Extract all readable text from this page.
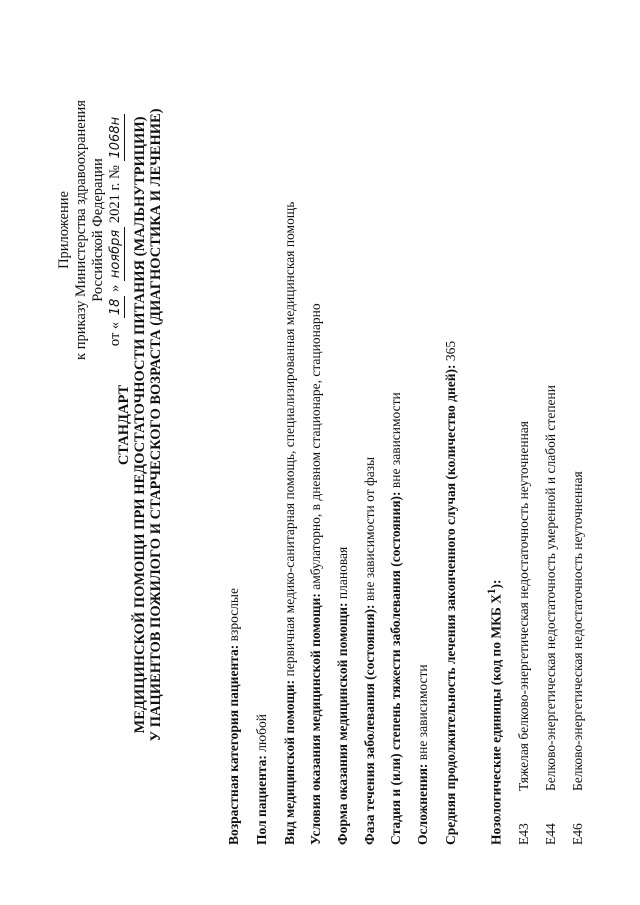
Приложение к приказу Министерства здравоохранения Российской Федерации
от « 18 » ноября 2021 г. № 1068н
СТАНДАРТ МЕДИЦИНСКОЙ ПОМОЩИ ПРИ НЕДОСТАТОЧНОСТИ ПИТАНИЯ (МАЛЬНУТРИЦИИ) У ПАЦИЕНТОВ ПОЖИЛОГО И СТАРЧЕСКОГО ВОЗРАСТА (ДИАГНОСТИКА И ЛЕЧЕНИЕ)
Возрастная категория пациента: взрослые
Пол пациента: любой Вид медицинской помощи: первичная медико-санитарная помощь, специализированная медицинская помощь
Условия оказания медицинской помощи: амбулаторно, в дневном стационаре, стационарно
Форма оказания медицинской помощи: плановая
Фаза течения заболевания (состояния): вне зависимости от фазы Стадия и (или) степень тяжести заболевания (состояния): вне зависимости
Осложнения: вне зависимости Средняя продолжительность лечения законченного случая (количество дней): 365
Нозологические единицы (код по МКБ $X^1$):
E43Тяжелая белково-энергетическая недостаточность неуточненная
E44Белково-энергетическая недостаточность умеренной и слабой степени
E46Белково-энергетическая недостаточность неуточненная
